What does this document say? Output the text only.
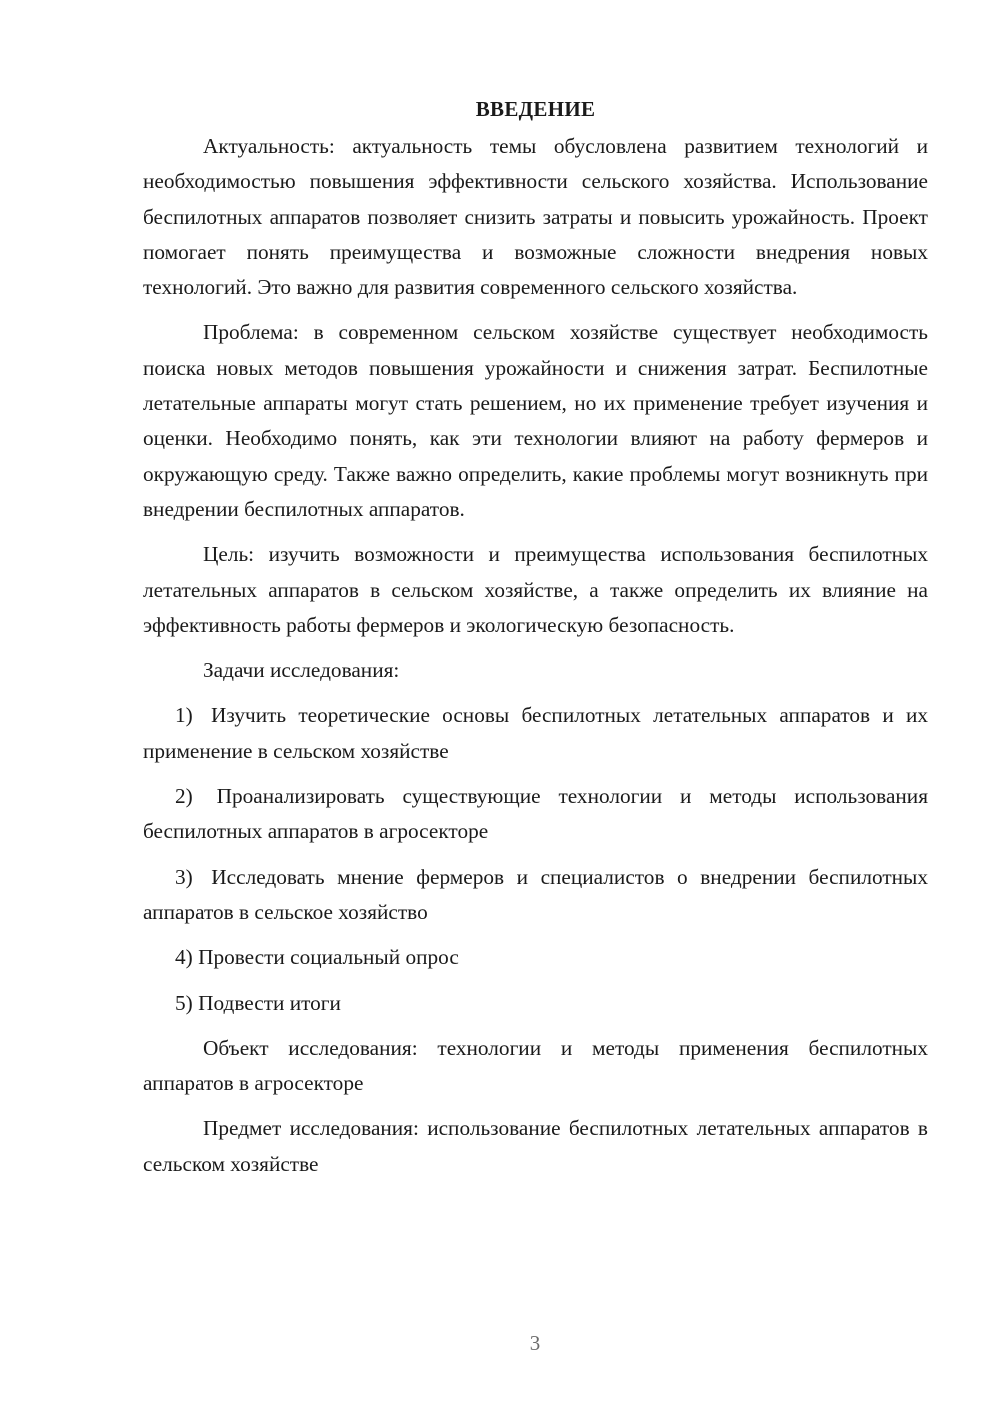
ВВЕДЕНИЕ

Актуальность: актуальность темы обусловлена развитием технологий и необходимостью повышения эффективности сельского хозяйства. Использование беспилотных аппаратов позволяет снизить затраты и повысить урожайность. Проект помогает понять преимущества и возможные сложности внедрения новых технологий. Это важно для развития современного сельского хозяйства.

Проблема: в современном сельском хозяйстве существует необходимость поиска новых методов повышения урожайности и снижения затрат. Беспилотные летательные аппараты могут стать решением, но их применение требует изучения и оценки. Необходимо понять, как эти технологии влияют на работу фермеров и окружающую среду. Также важно определить, какие проблемы могут возникнуть при внедрении беспилотных аппаратов.

Цель: изучить возможности и преимущества использования беспилотных летательных аппаратов в сельском хозяйстве, а также определить их влияние на эффективность работы фермеров и экологическую безопасность.

Задачи исследования:

1) Изучить теоретические основы беспилотных летательных аппаратов и их применение в сельском хозяйстве

2) Проанализировать существующие технологии и методы использования беспилотных аппаратов в агросекторе

3) Исследовать мнение фермеров и специалистов о внедрении беспилотных аппаратов в сельское хозяйство

4) Провести социальный опрос

5) Подвести итоги

Объект исследования: технологии и методы применения беспилотных аппаратов в агросекторе

Предмет исследования: использование беспилотных летательных аппаратов в сельском хозяйстве

3
